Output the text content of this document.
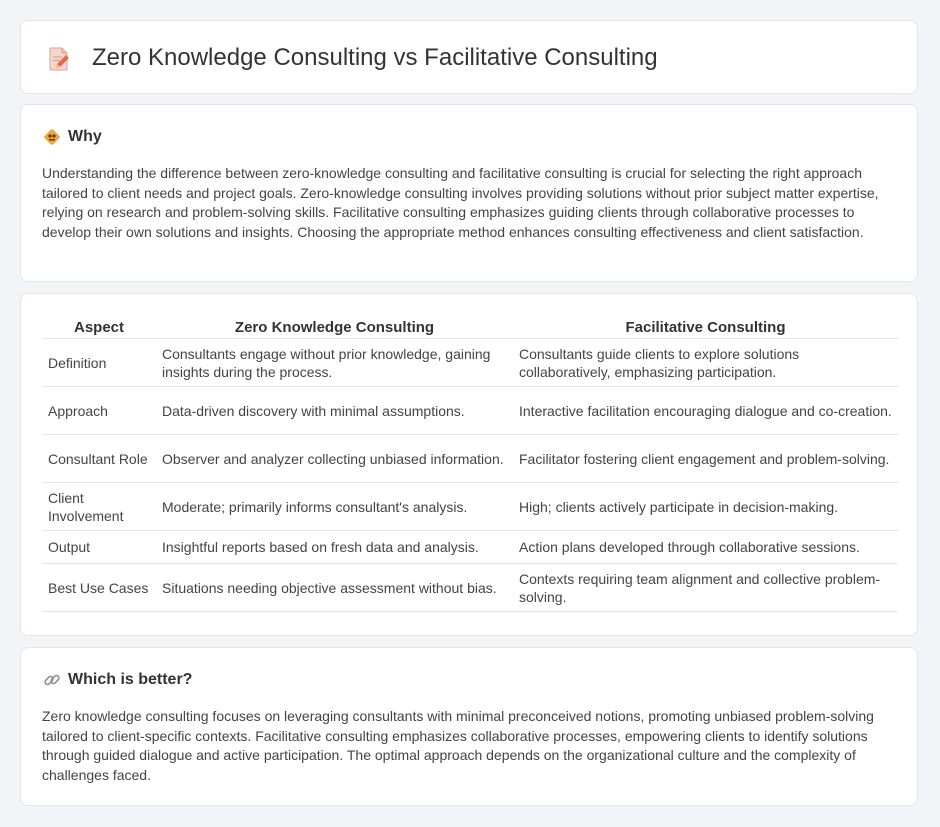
Zero Knowledge Consulting vs Facilitative Consulting
Why

Understanding the difference between zero-knowledge consulting and facilitative consulting is crucial for selecting the right approach tailored to client needs and project goals. Zero-knowledge consulting involves providing solutions without prior subject matter expertise, relying on research and problem-solving skills. Facilitative consulting emphasizes guiding clients through collaborative processes to develop their own solutions and insights. Choosing the appropriate method enhances consulting effectiveness and client satisfaction.

Aspect	Zero Knowledge Consulting	Facilitative Consulting
Definition	Consultants engage without prior knowledge, gaining insights during the process.	Consultants guide clients to explore solutions collaboratively, emphasizing participation.
Approach	Data-driven discovery with minimal assumptions.	Interactive facilitation encouraging dialogue and co-creation.
Consultant Role	Observer and analyzer collecting unbiased information.	Facilitator fostering client engagement and problem-solving.
Client Involvement	Moderate; primarily informs consultant's analysis.	High; clients actively participate in decision-making.
Output	Insightful reports based on fresh data and analysis.	Action plans developed through collaborative sessions.
Best Use Cases	Situations needing objective assessment without bias.	Contexts requiring team alignment and collective problem-solving.
Which is better?

Zero knowledge consulting focuses on leveraging consultants with minimal preconceived notions, promoting unbiased problem-solving tailored to client-specific contexts. Facilitative consulting emphasizes collaborative processes, empowering clients to identify solutions through guided dialogue and active participation. The optimal approach depends on the organizational culture and the complexity of challenges faced.
